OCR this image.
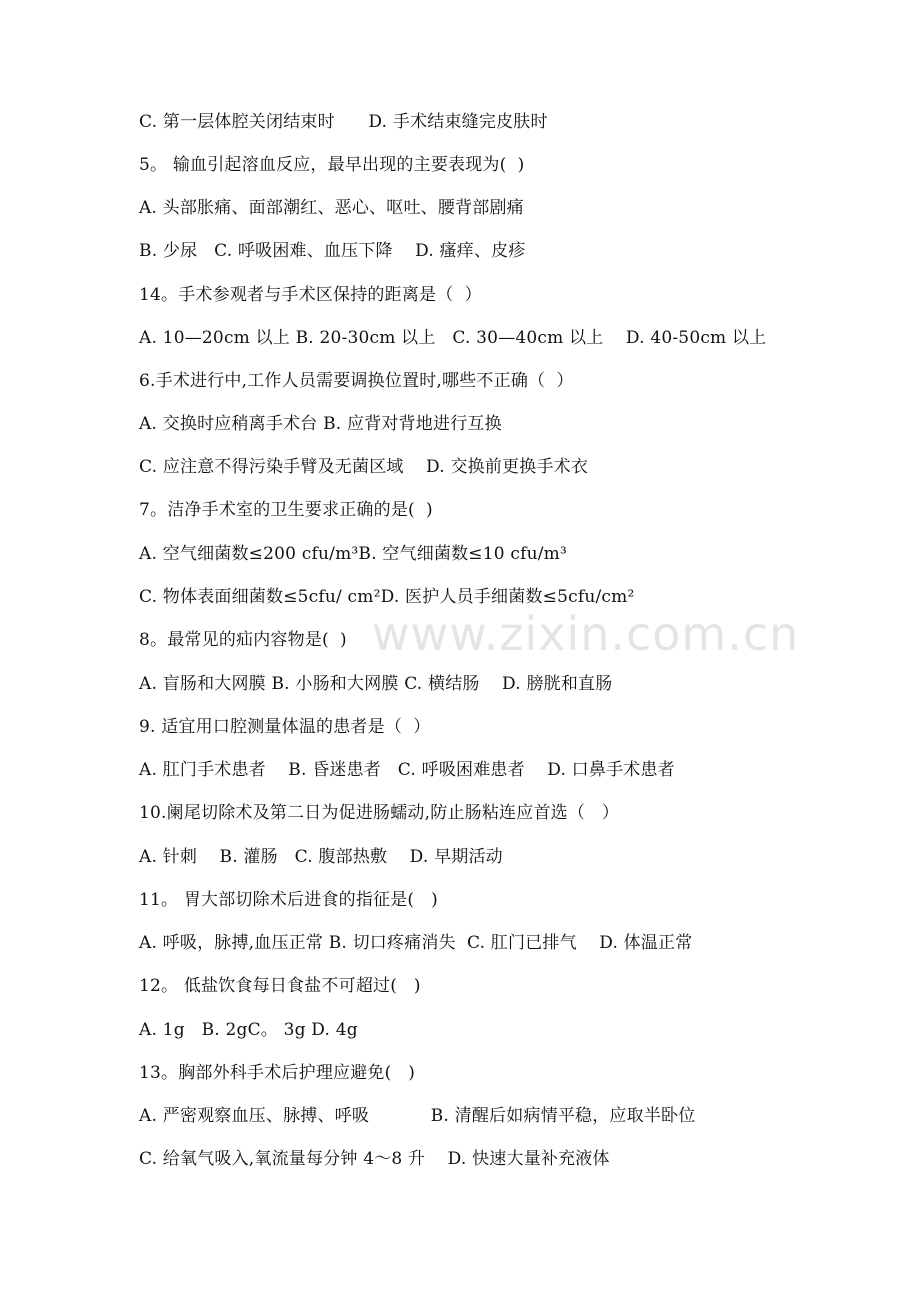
C. 第一层体腔关闭结束时      D. 手术结束缝完皮肤时
5。 输血引起溶血反应，最早出现的主要表现为(  )
A. 头部胀痛、面部潮红、恶心、呕吐、腰背部剧痛
B. 少尿   C. 呼吸困难、血压下降    D. 瘙痒、皮疹
14。手术参观者与手术区保持的距离是（  ）
A. 10—20cm 以上 B. 20-30cm 以上   C. 30—40cm 以上    D. 40-50cm 以上
6.手术进行中,工作人员需要调换位置时,哪些不正确（  ）
A. 交换时应稍离手术台 B. 应背对背地进行互换
C. 应注意不得污染手臂及无菌区域    D. 交换前更换手术衣
7。洁净手术室的卫生要求正确的是(  )
A. 空气细菌数≤200 cfu/m³B. 空气细菌数≤10 cfu/m³
C. 物体表面细菌数≤5cfu/ cm²D. 医护人员手细菌数≤5cfu/cm²
8。最常见的疝内容物是(  )
A. 盲肠和大网膜 B. 小肠和大网膜 C. 横结肠    D. 膀胱和直肠
9. 适宜用口腔测量体温的患者是（  ）
A. 肛门手术患者    B. 昏迷患者   C. 呼吸困难患者    D. 口鼻手术患者
10.阑尾切除术及第二日为促进肠蠕动,防止肠粘连应首选（   ）
A. 针刺    B. 灌肠   C. 腹部热敷    D. 早期活动
11。 胃大部切除术后进食的指征是(   )
A. 呼吸，脉搏,血压正常 B. 切口疼痛消失  C. 肛门已排气    D. 体温正常
12。 低盐饮食每日食盐不可超过(   )
A. 1g   B. 2gC。 3g D. 4g
13。胸部外科手术后护理应避免(   )
A. 严密观察血压、脉搏、呼吸           B. 清醒后如病情平稳，应取半卧位
C. 给氧气吸入,氧流量每分钟 4～8 升    D. 快速大量补充液体
www.zixin.com.cn
